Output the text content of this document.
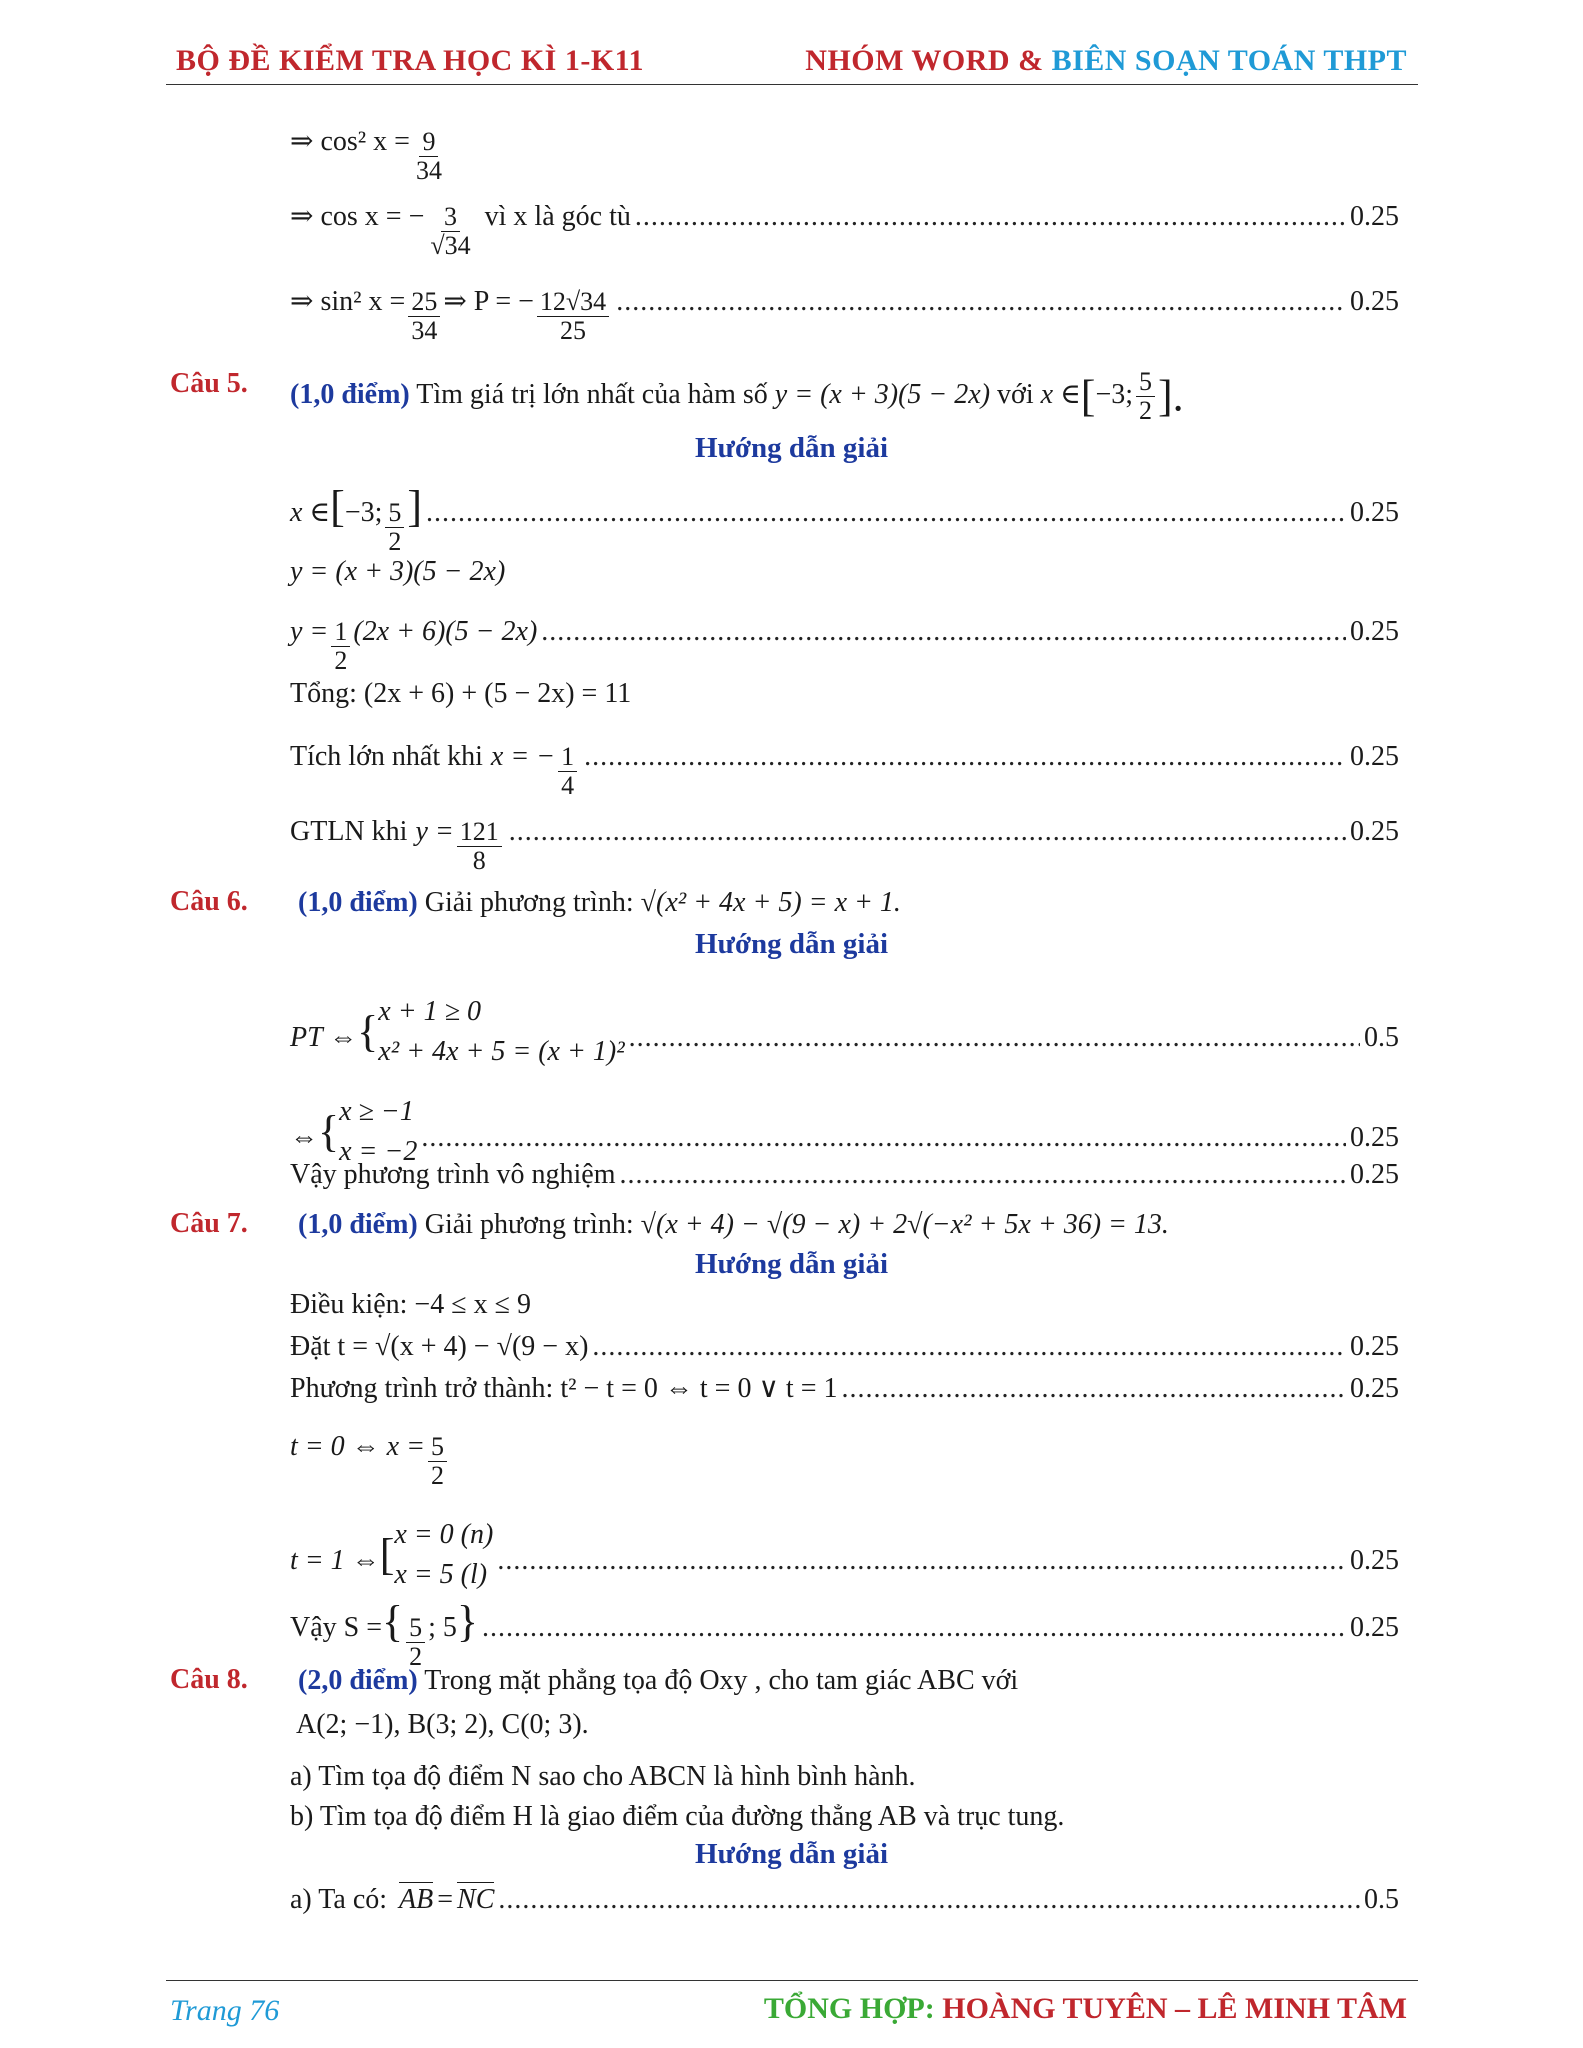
BỘ ĐỀ KIỂM TRA HỌC KÌ 1-K11	NHÓM WORD & BIÊN SOẠN TOÁN THPT
⇒ cos² $x = \frac{9}{34}$
⇒ cos x = − $\frac{3}{√34}$ vì x là góc tù .....	0.25
⇒ sin² $x = \frac{25}{34}$ ⇒ P = − $\frac{12√34}{25}$ .....	0.25
Câu 5. (1,0 điểm) Tìm giá trị lớn nhất của hàm số y = (x + 3)(5 − 2x) với x ∈[−3; $\frac{5}{2}$ ].
Hướng dẫn giải
x ∈ [ −3; $\frac{5}{2}$ ] .....	0.25
y = (x + 3)(5 − 2x)
$y = \frac{1}{2} (2x + 6)(5 - 2x)$ .....	0.25
Tổng: (2x + 6) + (5 − 2x) = 11
Tích lớn nhất khi x = − $\frac{1}{4}$ .....	0.25
GTLN khi $y = \frac{121}{8}$ .....	0.25
Câu 6. (1,0 điểm) Giải phương trình: √(x² + 4x + 5) = x + 1.
Hướng dẫn giải
PT ⇔ { x + 1 ≥ 0
x² + 4x + 5 = (x + 1)² .....	0.5
⇔ { x ≥ −1
x = −2 .....	0.25
Vậy phương trình vô nghiệm .....	0.25
Câu 7. (1,0 điểm) Giải phương trình: √(x + 4) − √(9 − x) + 2√(−x² + 5x + 36) = 13.
Hướng dẫn giải
Điều kiện: −4 ≤ x ≤ 9
Đặt t = √(x + 4) − √(9 − x) .....	0.25
Phương trình trở thành: t² − t = 0 ⇔ t = 0 ∨ t = 1 .....	0.25
t = 0 ⇔ $x = \frac{5}{2}$
t = 1 ⇔ [ x = 0 (n)
x = 5 (l) .....	0.25
Vậy S = { $\frac{5}{2}$ ; 5 } .....	0.25
Câu 8. (2,0 điểm) Trong mặt phẳng tọa độ Oxy , cho tam giác ABC với
A(2; −1), B(3; 2), C(0; 3).
a) Tìm tọa độ điểm N sao cho ABCN là hình bình hành.
b) Tìm tọa độ điểm H là giao điểm của đường thẳng AB và trục tung.
Hướng dẫn giải
a) Ta có: AB = NC .....	0.5
Trang 76	TỔNG HỢP: HOÀNG TUYÊN – LÊ MINH TÂM
